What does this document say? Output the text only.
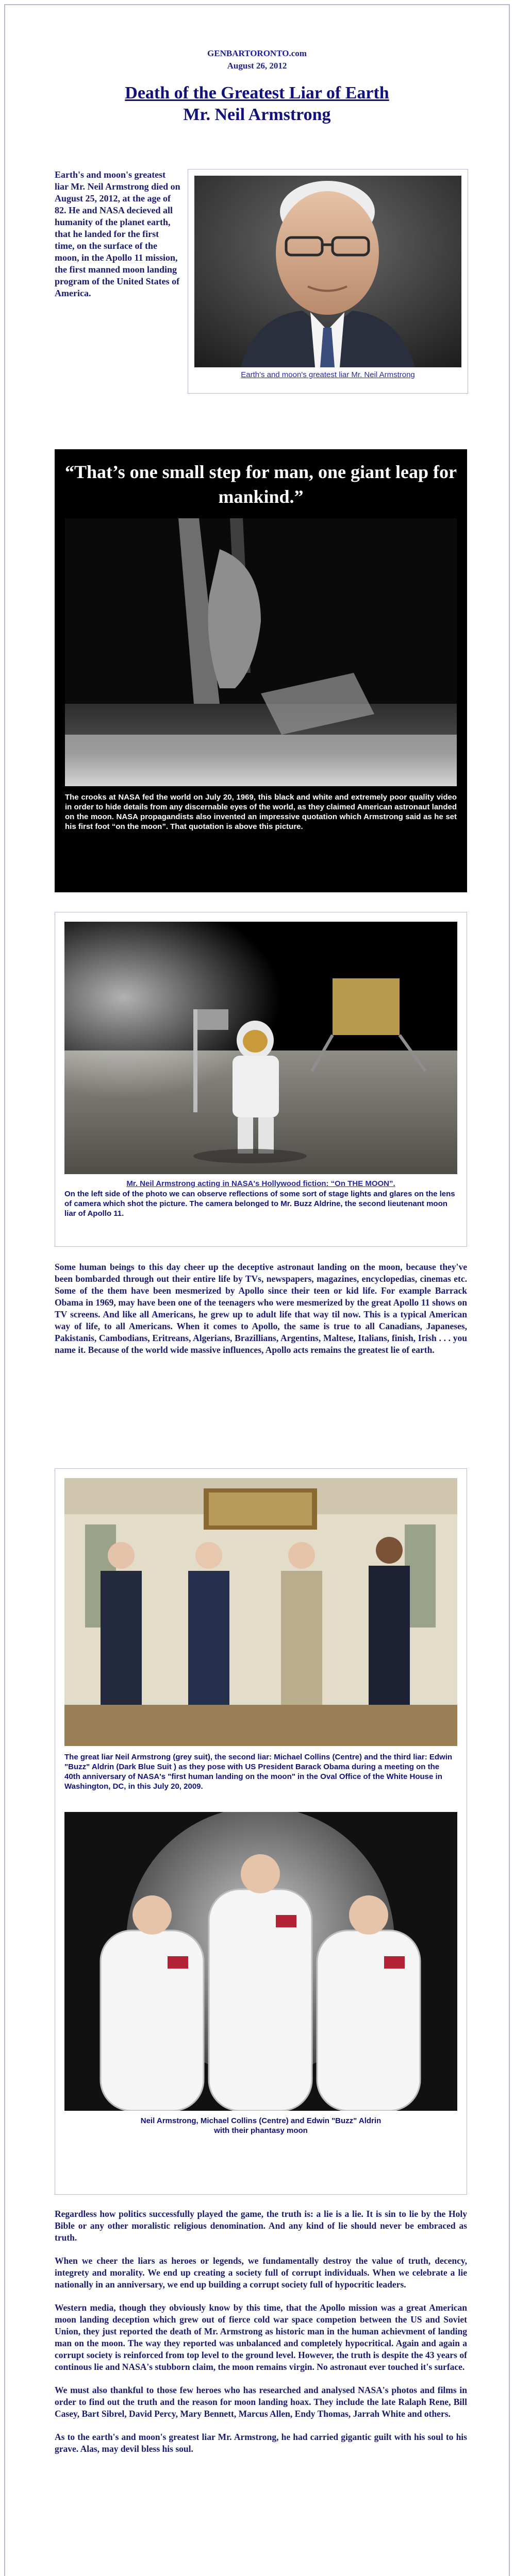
GENBARTORONTO.com
August 26, 2012
Death of the Greatest Liar of Earth
Mr. Neil Armstrong
Earth's and moon's greatest liar Mr. Neil Armstrong died on August 25, 2012, at the age of 82. He and NASA decieved all humanity of the planet earth, that he landed for the first time, on the surface of the moon, in the Apollo 11 mission, the first manned moon landing program of the United States of America.
Earth's and moon's greatest liar Mr. Neil Armstrong
“That’s one small step for man, one giant leap for mankind.”
The crooks at NASA fed the world on July 20, 1969, this black and white and extremely poor quality video in order to hide details from any discernable eyes of the world, as they claimed American astronaut landed on the moon. NASA propagandists also invented an impressive quotation which Armstrong said as he set his first foot “on the moon”. That quotation is above this picture.
Mr. Neil Armstrong acting in NASA's Hollywood fiction: “On THE MOON”.
On the left side of the photo we can observe reflections of some sort of stage lights and glares on the lens of camera which shot the picture. The camera belonged to Mr. Buzz Aldrine, the second lieutenant moon liar of Apollo 11.
Some human beings to this day cheer up the deceptive astronaut landing on the moon, because they've been bombarded through out their entire life by TVs, newspapers, magazines, encyclopedias, cinemas etc. Some of the them have been mesmerized by Apollo since their teen or kid life. For example Barrack Obama in 1969, may have been one of the teenagers who were mesmerized by the great Apollo 11 shows on TV screens. And like all Americans, he grew up to adult life that way til now. This is a typical American way of life, to all Americans. When it comes to Apollo, the same is true to all Canadians, Japaneses, Pakistanis, Cambodians, Eritreans, Algerians, Brazillians, Argentins, Maltese, Italians, finish, Irish . . . you name it. Because of the world wide massive influences, Apollo acts remains the greatest lie of earth.
The great liar Neil Armstrong (grey suit), the second liar: Michael Collins (Centre) and the third liar: Edwin "Buzz" Aldrin (Dark Blue Suit ) as they pose with US President Barack Obama during a meeting on the 40th anniversary of NASA's "first human landing on the moon" in the Oval Office of the White House in Washington, DC, in this July 20, 2009.
Neil Armstrong, Michael Collins (Centre) and Edwin "Buzz" Aldrin
with their phantasy moon

Regardless how politics successfully played the game, the truth is: a lie is a lie. It is sin to lie by the Holy Bible or any other moralistic religious denomination. And any kind of lie should never be embraced as truth.

When we cheer the liars as heroes or legends, we fundamentally destroy the value of truth, decency, integrety and morality. We end up creating a society full of corrupt individuals. When we celebrate a lie nationally in an anniversary, we end up building a corrupt society full of hypocritic leaders.

Western media, though they obviously know by this time, that the Apollo mission was a great American moon landing deception which grew out of fierce cold war space competion between the US and Soviet Union, they just reported the death of Mr. Armstrong as historic man in the human achievment of landing man on the moon. The way they reported was unbalanced and completely hypocritical. Again and again a corrupt society is reinforced from top level to the ground level. However, the truth is despite the 43 years of continous lie and NASA's stubborn claim, the moon remains virgin. No astronaut ever touched it's surface.

We must also thankful to those few heroes who has researched and analysed NASA's photos and films in order to find out the truth and the reason for moon landing hoax. They include the late Ralaph Rene, Bill Casey, Bart Sibrel, David Percy, Mary Bennett, Marcus Allen, Endy Thomas, Jarrah White and others.

As to the earth's and moon's greatest liar Mr. Armstrong, he had carried gigantic guilt with his soul to his grave. Alas, may devil bless his soul.
